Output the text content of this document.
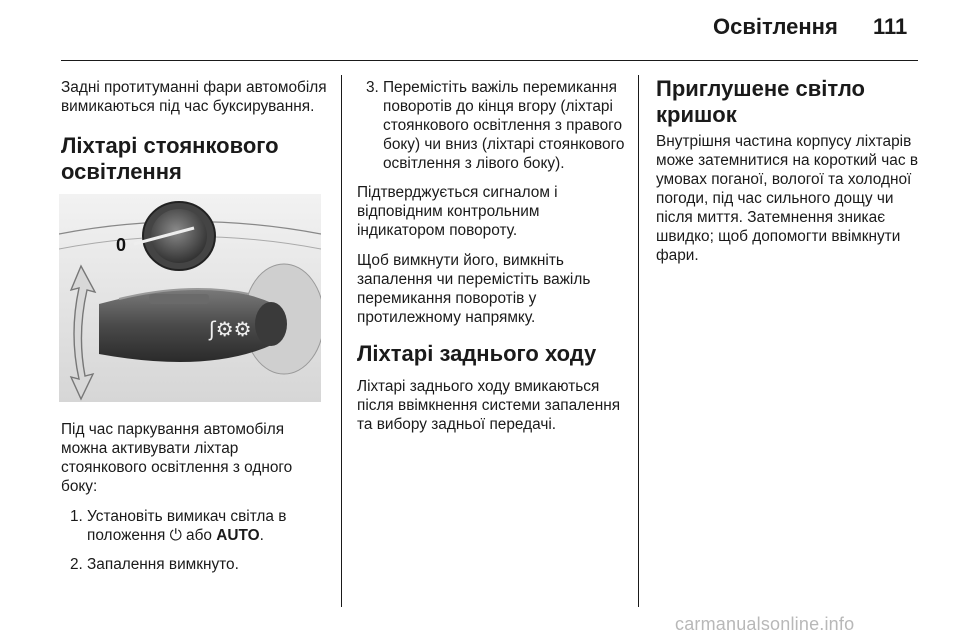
Освітлення 111

Задні протитуманні фари автомобіля вимикаються під час буксирування.

Ліхтарі стоянкового освітлення
0
ʃ⚙⚙

Під час паркування автомобіля можна активувати ліхтар стоянкового освітлення з одного боку:

1. Установіть вимикач світла в положення ⏻ або AUTO.
2. Запалення вимкнуто.
3. Перемістіть важіль перемикання поворотів до кінця вгору (ліхтарі стоянкового освітлення з правого боку) чи вниз (ліхтарі стоянкового освітлення з лівого боку).

Підтверджується сигналом і відповідним контрольним індикатором повороту.

Щоб вимкнути його, вимкніть запалення чи перемістіть важіль перемикання поворотів у протилежному напрямку.

Ліхтарі заднього ходу

Ліхтарі заднього ходу вмикаються після ввімкнення системи запалення та вибору задньої передачі.

Приглушене світло кришок

Внутрішня частина корпусу ліхтарів може затемнитися на короткий час в умовах поганої, вологої та холодної погоди, під час сильного дощу чи після миття. Затемнення зникає швидко; щоб допомогти ввімкнути фари.

carmanualsonline.info
